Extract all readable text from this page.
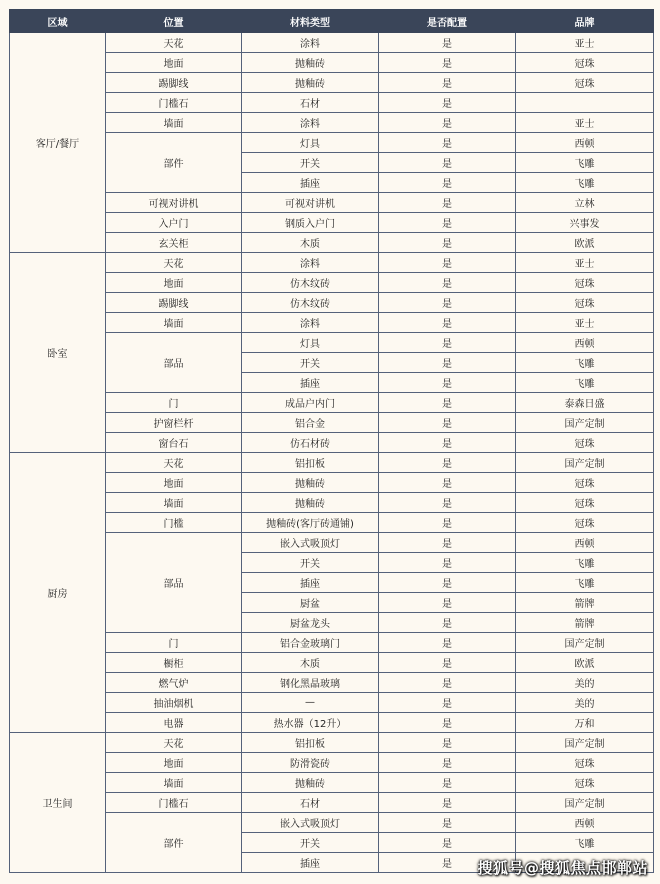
区域	位置	材料类型	是否配置	品牌
客厅/餐厅	天花	涂料	是	亚士
	地面	抛釉砖	是	冠珠
	踢脚线	抛釉砖	是	冠珠
	门槛石	石材	是	
	墙面	涂料	是	亚士
	部件	灯具	是	西顿
		开关	是	飞雕
		插座	是	飞雕
	可视对讲机	可视对讲机	是	立林
	入户门	钢质入户门	是	兴事发
	玄关柜	木质	是	欧派
卧室	天花	涂料	是	亚士
	地面	仿木纹砖	是	冠珠
	踢脚线	仿木纹砖	是	冠珠
	墙面	涂料	是	亚士
	部品	灯具	是	西顿
		开关	是	飞雕
		插座	是	飞雕
	门	成品户内门	是	泰森日盛
	护窗栏杆	铝合金	是	国产定制
	窗台石	仿石材砖	是	冠珠
厨房	天花	铝扣板	是	国产定制
	地面	抛釉砖	是	冠珠
	墙面	抛釉砖	是	冠珠
	门槛	抛釉砖(客厅砖通铺)	是	冠珠
	部品	嵌入式吸顶灯	是	西顿
		开关	是	飞雕
		插座	是	飞雕
		厨盆	是	箭牌
		厨盆龙头	是	箭牌
	门	铝合金玻璃门	是	国产定制
	橱柜	木质	是	欧派
	燃气炉	钢化黑晶玻璃	是	美的
	抽油烟机	—	是	美的
	电器	热水器（12升）	是	万和
卫生间	天花	铝扣板	是	国产定制
	地面	防滑瓷砖	是	冠珠
	墙面	抛釉砖	是	冠珠
	门槛石	石材	是	国产定制
	部件	嵌入式吸顶灯	是	西顿
		开关	是	飞雕
		插座	是	搜狐号@搜狐焦点邯郸站
